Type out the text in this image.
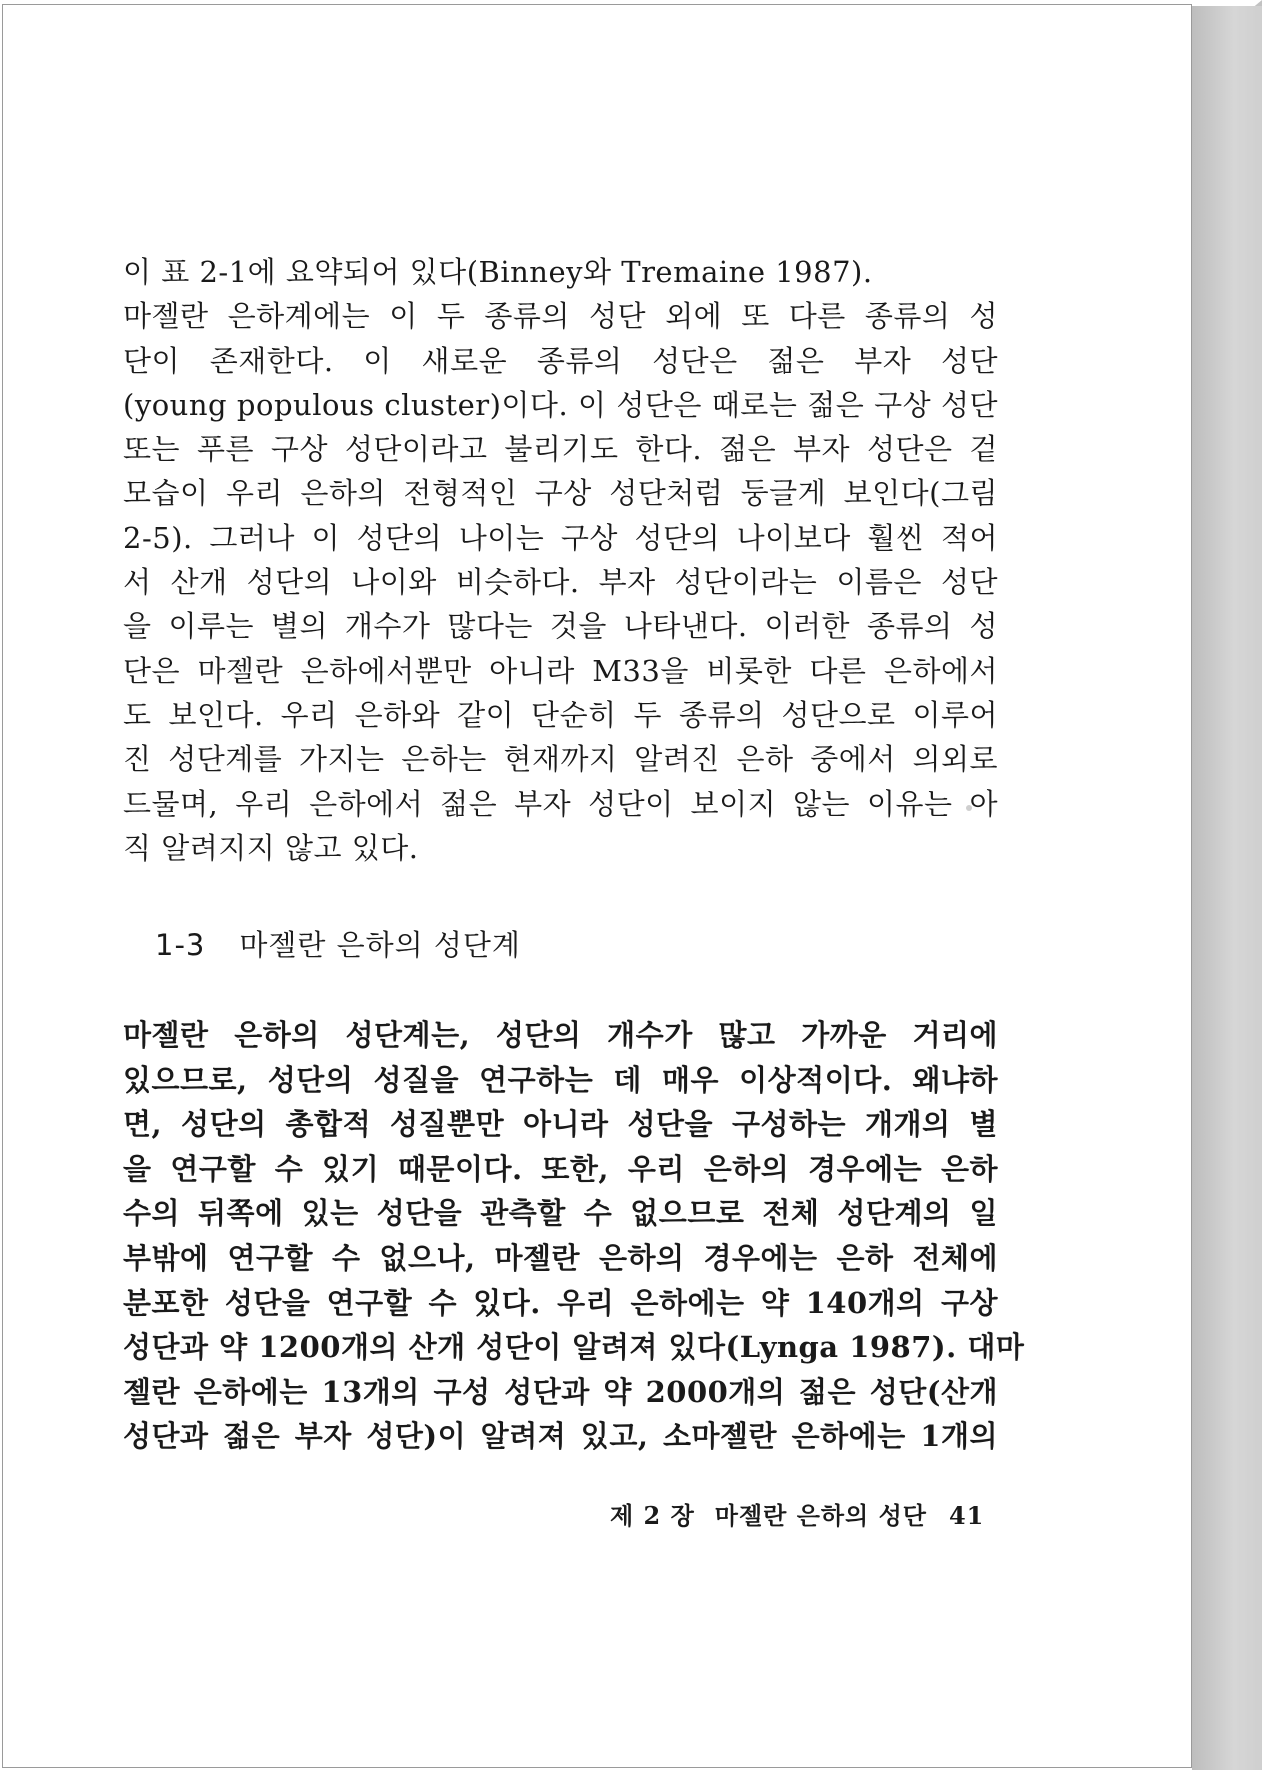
이 표 2-1에 요약되어 있다(Binney와 Tremaine 1987).
마젤란 은하계에는 이 두 종류의 성단 외에 또 다른 종류의 성
단이 존재한다. 이 새로운 종류의 성단은 젊은 부자 성단
(young populous cluster)이다. 이 성단은 때로는 젊은 구상 성단
또는 푸른 구상 성단이라고 불리기도 한다. 젊은 부자 성단은 겉
모습이 우리 은하의 전형적인 구상 성단처럼 둥글게 보인다(그림
2-5). 그러나 이 성단의 나이는 구상 성단의 나이보다 훨씬 적어
서 산개 성단의 나이와 비슷하다. 부자 성단이라는 이름은 성단
을 이루는 별의 개수가 많다는 것을 나타낸다. 이러한 종류의 성
단은 마젤란 은하에서뿐만 아니라 M33을 비롯한 다른 은하에서
도 보인다. 우리 은하와 같이 단순히 두 종류의 성단으로 이루어
진 성단계를 가지는 은하는 현재까지 알려진 은하 중에서 의외로
드물며, 우리 은하에서 젊은 부자 성단이 보이지 않는 이유는 아
직 알려지지 않고 있다.
1-3 마젤란 은하의 성단계
마젤란 은하의 성단계는, 성단의 개수가 많고 가까운 거리에
있으므로, 성단의 성질을 연구하는 데 매우 이상적이다. 왜냐하
면, 성단의 총합적 성질뿐만 아니라 성단을 구성하는 개개의 별
을 연구할 수 있기 때문이다. 또한, 우리 은하의 경우에는 은하
수의 뒤쪽에 있는 성단을 관측할 수 없으므로 전체 성단계의 일
부밖에 연구할 수 없으나, 마젤란 은하의 경우에는 은하 전체에
분포한 성단을 연구할 수 있다. 우리 은하에는 약 140개의 구상
성단과 약 1200개의 산개 성단이 알려져 있다(Lynga 1987). 대마
젤란 은하에는 13개의 구성 성단과 약 2000개의 젊은 성단(산개
성단과 젊은 부자 성단)이 알려져 있고, 소마젤란 은하에는 1개의
제 2 장 마젤란 은하의 성단 41
